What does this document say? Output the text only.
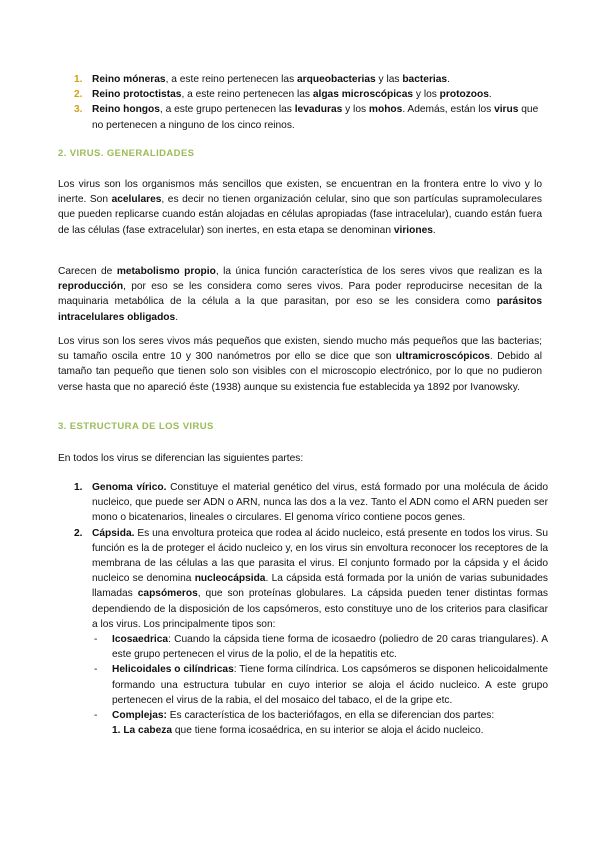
1. Reino móneras, a este reino pertenecen las arqueobacterias y las bacterias.
2. Reino protoctistas, a este reino pertenecen las algas microscópicas y los protozoos.
3. Reino hongos, a este grupo pertenecen las levaduras y los mohos. Además, están los virus que no pertenecen a ninguno de los cinco reinos.
2. VIRUS. GENERALIDADES

Los virus son los organismos más sencillos que existen, se encuentran en la frontera entre lo vivo y lo inerte. Son acelulares, es decir no tienen organización celular, sino que son partículas supramoleculares que pueden replicarse cuando están alojadas en células apropiadas (fase intracelular), cuando están fuera de las células (fase extracelular) son inertes, en esta etapa se denominan viriones.

Carecen de metabolismo propio, la única función característica de los seres vivos que realizan es la reproducción, por eso se les considera como seres vivos. Para poder reproducirse necesitan de la maquinaria metabólica de la célula a la que parasitan, por eso se les considera como parásitos intracelulares obligados.

Los virus son los seres vivos más pequeños que existen, siendo mucho más pequeños que las bacterias; su tamaño oscila entre 10 y 300 nanómetros por ello se dice que son ultramicroscópicos. Debido al tamaño tan pequeño que tienen solo son visibles con el microscopio electrónico, por lo que no pudieron verse hasta que no apareció éste (1938) aunque su existencia fue establecida ya 1892 por Ivanowsky.

3. ESTRUCTURA DE LOS VIRUS

En todos los virus se diferencian las siguientes partes:

1. Genoma vírico. Constituye el material genético del virus, está formado por una molécula de ácido nucleico, que puede ser ADN o ARN, nunca las dos a la vez. Tanto el ADN como el ARN pueden ser mono o bicatenarios, lineales o circulares. El genoma vírico contiene pocos genes.
2. Cápsida. Es una envoltura proteica que rodea al ácido nucleico, está presente en todos los virus. Su función es la de proteger el ácido nucleico y, en los virus sin envoltura reconocer los receptores de la membrana de las células a las que parasita el virus. El conjunto formado por la cápsida y el ácido nucleico se denomina nucleocápsida. La cápsida está formada por la unión de varias subunidades llamadas capsómeros, que son proteínas globulares. La cápsida pueden tener distintas formas dependiendo de la disposición de los capsómeros, esto constituye uno de los criterios para clasificar a los virus. Los principalmente tipos son:
- Icosaedrica: Cuando la cápsida tiene forma de icosaedro (poliedro de 20 caras triangulares). A este grupo pertenecen el virus de la polio, el de la hepatitis etc.
- Helicoidales o cilíndricas: Tiene forma cilíndrica. Los capsómeros se disponen helicoidalmente formando una estructura tubular en cuyo interior se aloja el ácido nucleico. A este grupo pertenecen el virus de la rabia, el del mosaico del tabaco, el de la gripe etc.
- Complejas: Es característica de los bacteriófagos, en ella se diferencian dos partes:
1. La cabeza que tiene forma icosaédrica, en su interior se aloja el ácido nucleico.
